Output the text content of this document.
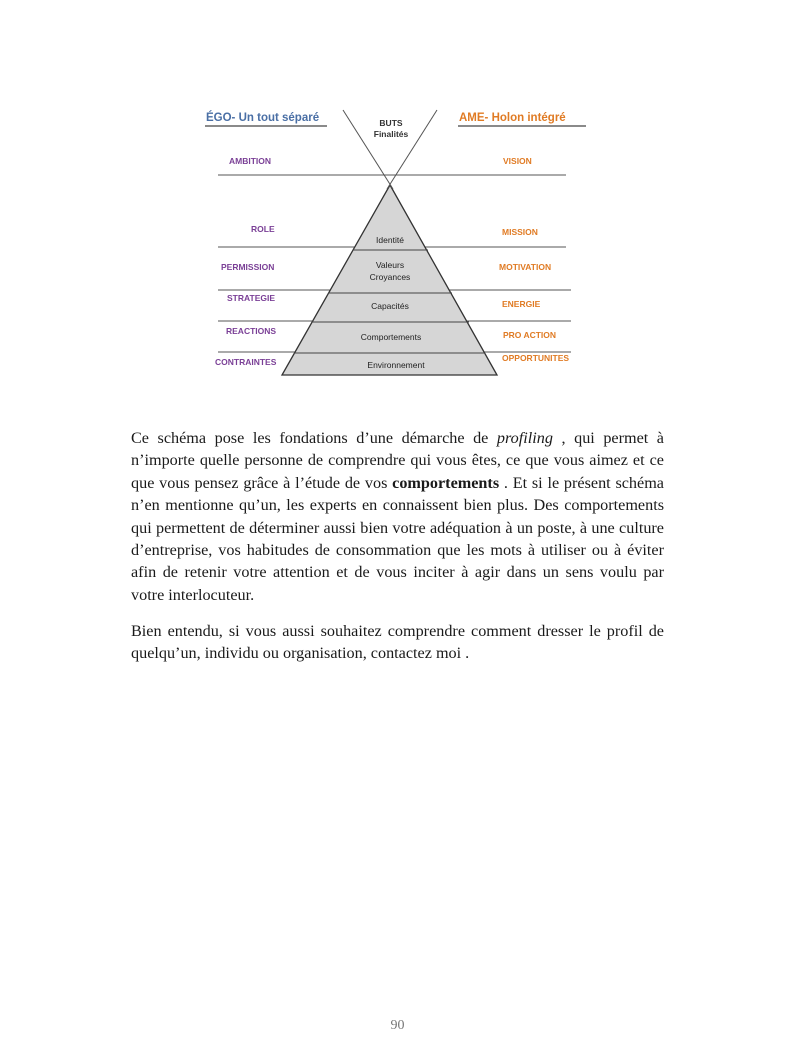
ÉGO- Un tout séparé	AME- Holon intégré
BUTS
Finalités
AMBITION
ROLE
PERMISSION
STRATEGIE
REACTIONS
CONTRAINTES
VISION
MISSION
MOTIVATION
ENERGIE
PRO ACTION
OPPORTUNITES
Identité
Valeurs
Croyances
Capacités
Comportements
Environnement

Ce schéma pose les fondations d’une démarche de profiling , qui permet à n’importe quelle personne de comprendre qui vous êtes, ce que vous aimez et ce que vous pensez grâce à l’étude de vos comportements . Et si le présent schéma n’en mentionne qu’un, les experts en connaissent bien plus. Des comportements qui permettent de déterminer aussi bien votre adéquation à un poste, à une culture d’entreprise, vos habitudes de consommation que les mots à utiliser ou à éviter afin de retenir votre attention et de vous inciter à agir dans un sens voulu par votre interlocuteur.

Bien entendu, si vous aussi souhaitez comprendre comment dresser le profil de quelqu’un, individu ou organisation, contactez moi .

90
